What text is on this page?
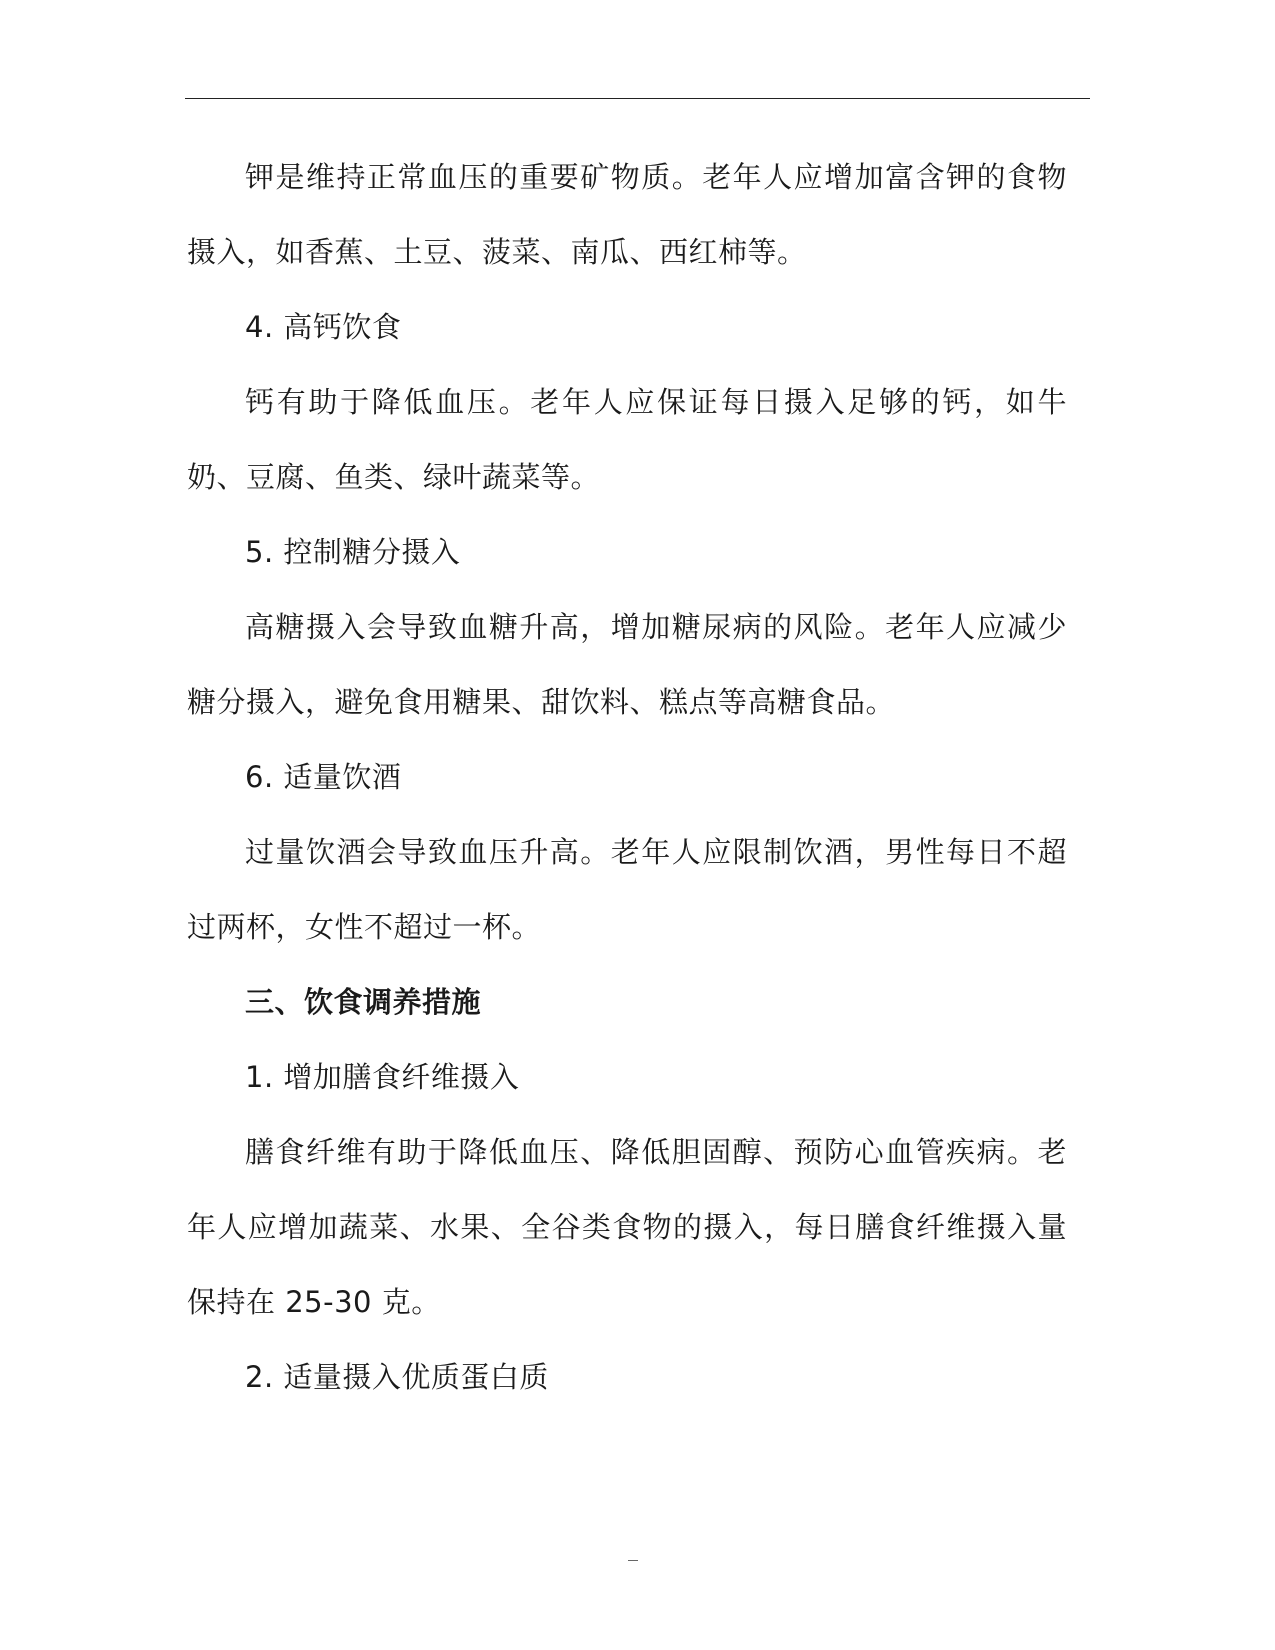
钾是维持正常血压的重要矿物质。老年人应增加富含钾的食物摄入，如香蕉、土豆、菠菜、南瓜、西红柿等。

4. 高钙饮食

钙有助于降低血压。老年人应保证每日摄入足够的钙，如牛奶、豆腐、鱼类、绿叶蔬菜等。

5. 控制糖分摄入

高糖摄入会导致血糖升高，增加糖尿病的风险。老年人应减少糖分摄入，避免食用糖果、甜饮料、糕点等高糖食品。

6. 适量饮酒

过量饮酒会导致血压升高。老年人应限制饮酒，男性每日不超过两杯，女性不超过一杯。

三、饮食调养措施

1. 增加膳食纤维摄入

膳食纤维有助于降低血压、降低胆固醇、预防心血管疾病。老年人应增加蔬菜、水果、全谷类食物的摄入，每日膳食纤维摄入量保持在 25-30 克。

2. 适量摄入优质蛋白质
